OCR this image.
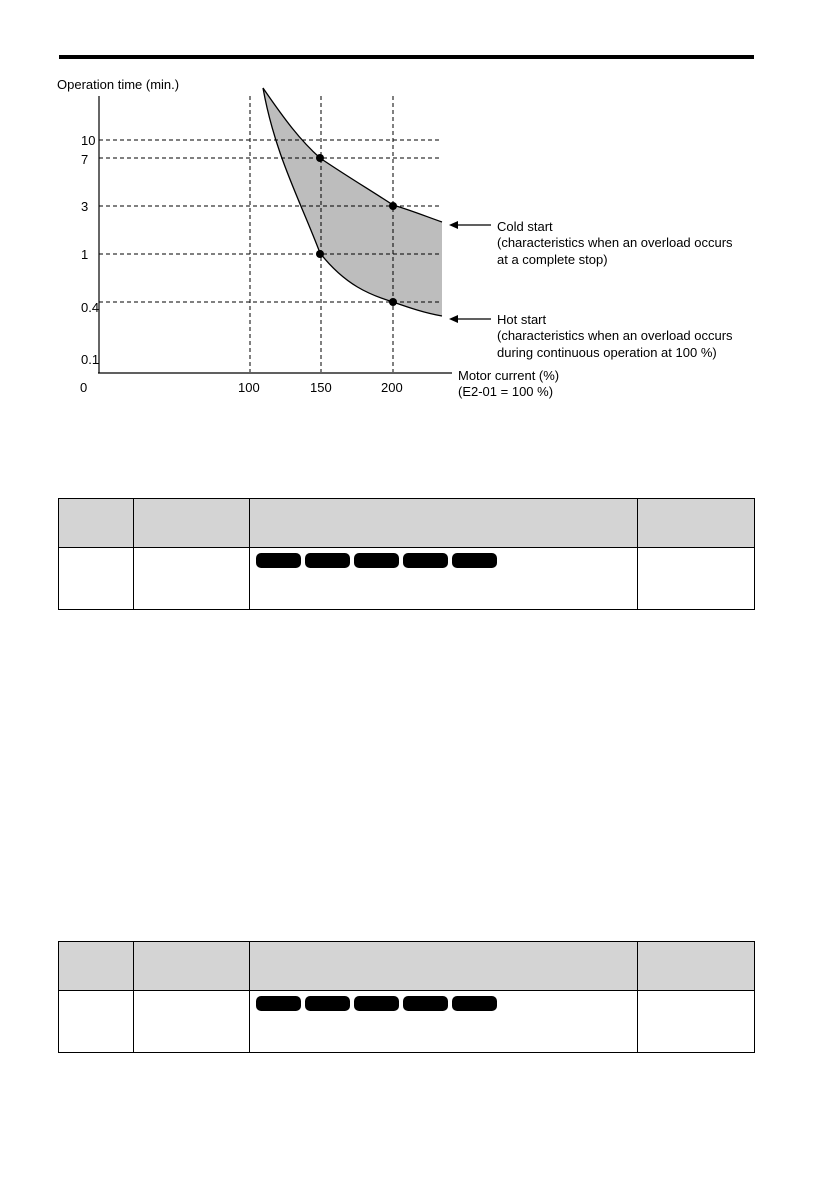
Operation time (min.)
10
7
3
1
0.4
0.1
0	100	150	200
Motor current (%)
(E2-01 = 100 %)
Cold start
(characteristics when an overload occurs
at a complete stop)
Hot start
(characteristics when an overload occurs
during continuous operation at 100 %)
